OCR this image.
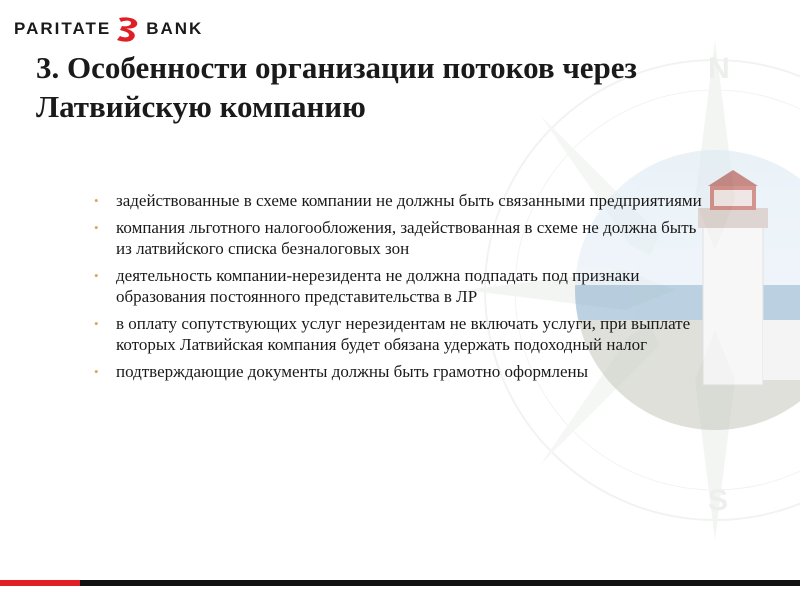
N
S
PARITATE BANK
3. Особенности организации потоков через
Латвийскую компанию
• задействованные в схеме компании не должны быть связанными предприятиями
• компания льготного налогообложения, задействованная в схеме не должна быть из латвийского списка безналоговых зон
• деятельность компании-нерезидента не должна подпадать под признаки образования постоянного представительства в ЛР
• в оплату сопутствующих услуг нерезидентам не включать услуги, при выплате которых Латвийская компания будет обязана удержать подоходный налог
• подтверждающие документы должны быть грамотно оформлены
